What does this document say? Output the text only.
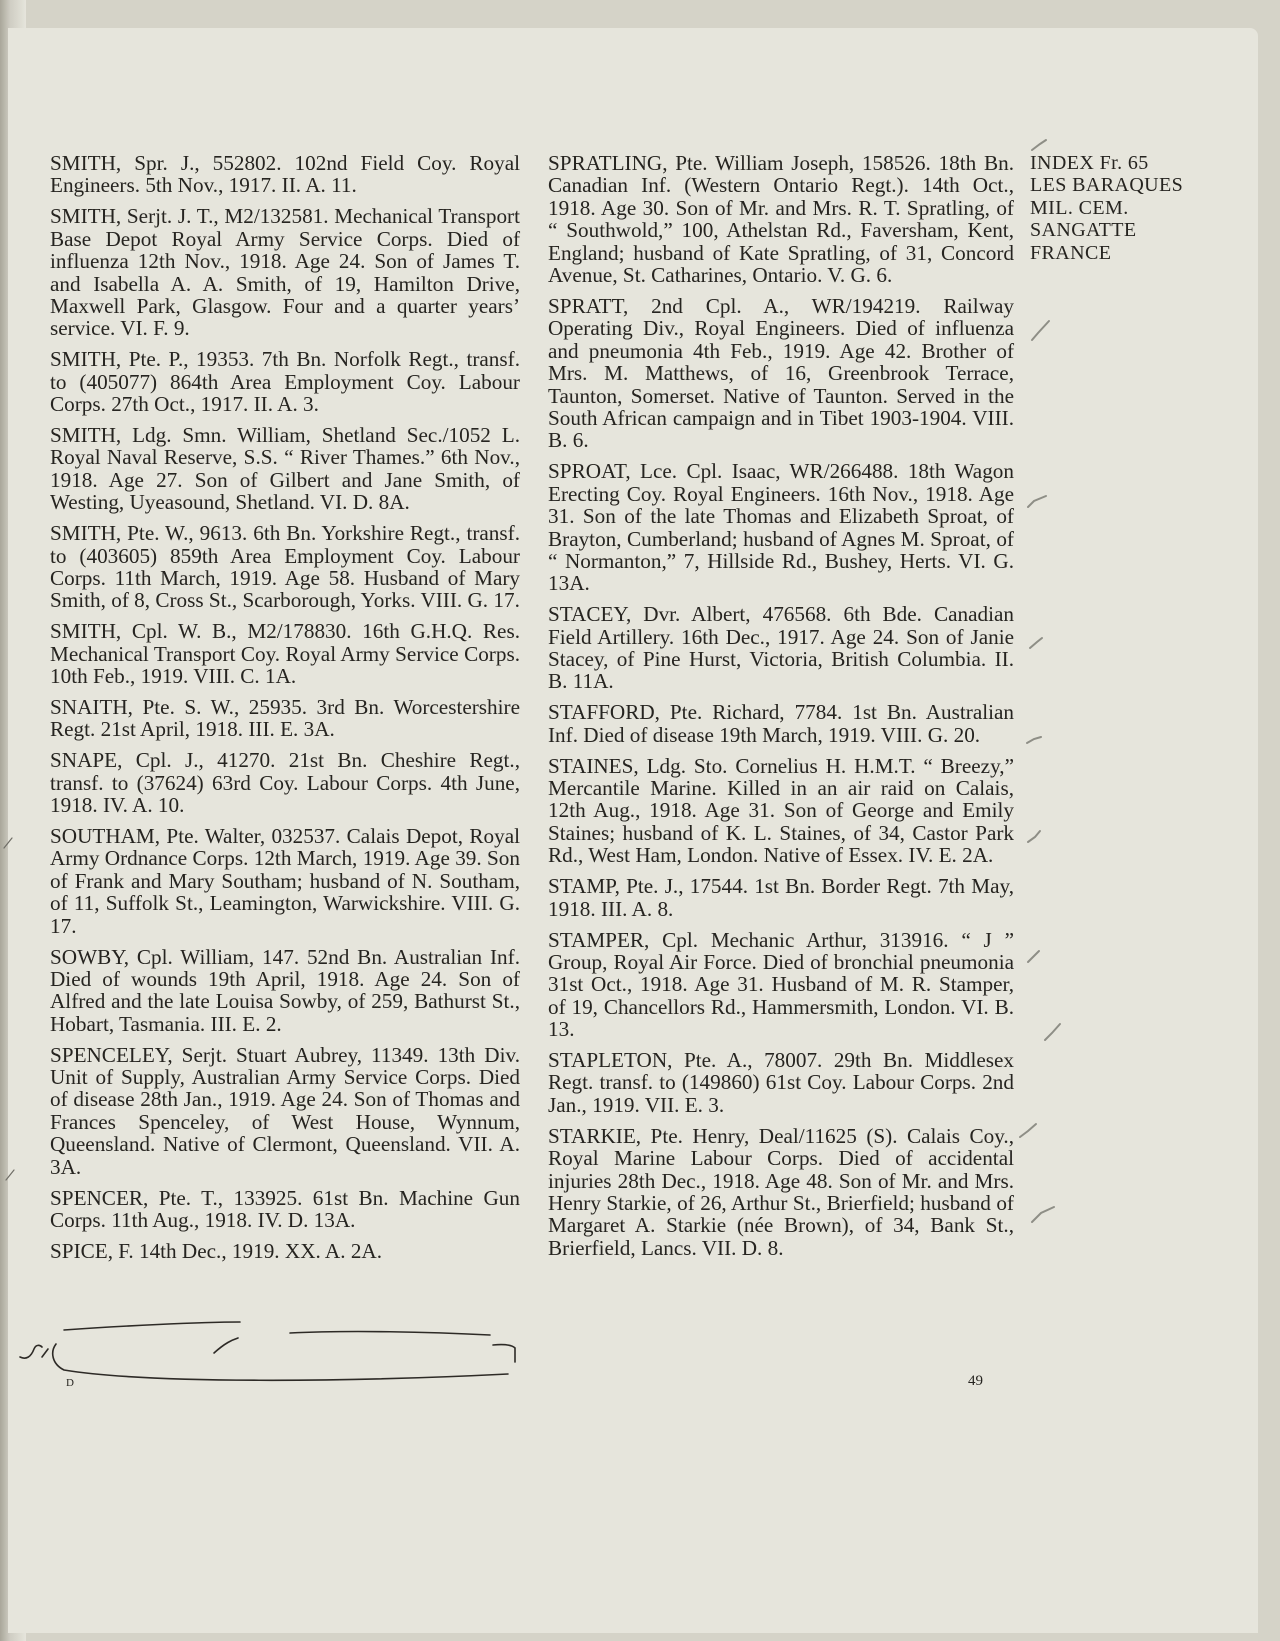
SMITH, Spr. J., 552802. 102nd Field Coy. Royal Engineers. 5th Nov., 1917. II. A. 11.

SMITH, Serjt. J. T., M2/132581. Mechanical Transport Base Depot Royal Army Service Corps. Died of influenza 12th Nov., 1918. Age 24. Son of James T. and Isabella A. A. Smith, of 19, Hamilton Drive, Maxwell Park, Glasgow. Four and a quarter years’ service. VI. F. 9.

SMITH, Pte. P., 19353. 7th Bn. Norfolk Regt., transf. to (405077) 864th Area Employment Coy. Labour Corps. 27th Oct., 1917. II. A. 3.

SMITH, Ldg. Smn. William, Shetland Sec./1052 L. Royal Naval Reserve, S.S. “ River Thames.” 6th Nov., 1918. Age 27. Son of Gilbert and Jane Smith, of Westing, Uyeasound, Shetland. VI. D. 8A.

SMITH, Pte. W., 9613. 6th Bn. Yorkshire Regt., transf. to (403605) 859th Area Employment Coy. Labour Corps. 11th March, 1919. Age 58. Husband of Mary Smith, of 8, Cross St., Scarborough, Yorks. VIII. G. 17.

SMITH, Cpl. W. B., M2/178830. 16th G.H.Q. Res. Mechanical Transport Coy. Royal Army Service Corps. 10th Feb., 1919. VIII. C. 1A.

SNAITH, Pte. S. W., 25935. 3rd Bn. Worcestershire Regt. 21st April, 1918. III. E. 3A.

SNAPE, Cpl. J., 41270. 21st Bn. Cheshire Regt., transf. to (37624) 63rd Coy. Labour Corps. 4th June, 1918. IV. A. 10.

SOUTHAM, Pte. Walter, 032537. Calais Depot, Royal Army Ordnance Corps. 12th March, 1919. Age 39. Son of Frank and Mary Southam; husband of N. Southam, of 11, Suffolk St., Leamington, Warwickshire. VIII. G. 17.

SOWBY, Cpl. William, 147. 52nd Bn. Australian Inf. Died of wounds 19th April, 1918. Age 24. Son of Alfred and the late Louisa Sowby, of 259, Bathurst St., Hobart, Tasmania. III. E. 2.

SPENCELEY, Serjt. Stuart Aubrey, 11349. 13th Div. Unit of Supply, Australian Army Service Corps. Died of disease 28th Jan., 1919. Age 24. Son of Thomas and Frances Spenceley, of West House, Wynnum, Queensland. Native of Clermont, Queensland. VII. A. 3A.

SPENCER, Pte. T., 133925. 61st Bn. Machine Gun Corps. 11th Aug., 1918. IV. D. 13A.

SPICE, F. 14th Dec., 1919. XX. A. 2A.

SPRATLING, Pte. William Joseph, 158526. 18th Bn. Canadian Inf. (Western Ontario Regt.). 14th Oct., 1918. Age 30. Son of Mr. and Mrs. R. T. Spratling, of “ Southwold,” 100, Athelstan Rd., Faversham, Kent, England; husband of Kate Spratling, of 31, Concord Avenue, St. Catharines, Ontario. V. G. 6.

SPRATT, 2nd Cpl. A., WR/194219. Railway Operating Div., Royal Engineers. Died of influenza and pneumonia 4th Feb., 1919. Age 42. Brother of Mrs. M. Matthews, of 16, Greenbrook Terrace, Taunton, Somerset. Native of Taunton. Served in the South African campaign and in Tibet 1903-1904. VIII. B. 6.

SPROAT, Lce. Cpl. Isaac, WR/266488. 18th Wagon Erecting Coy. Royal Engineers. 16th Nov., 1918. Age 31. Son of the late Thomas and Elizabeth Sproat, of Brayton, Cumberland; husband of Agnes M. Sproat, of “ Normanton,” 7, Hillside Rd., Bushey, Herts. VI. G. 13A.

STACEY, Dvr. Albert, 476568. 6th Bde. Canadian Field Artillery. 16th Dec., 1917. Age 24. Son of Janie Stacey, of Pine Hurst, Victoria, British Columbia. II. B. 11A.

STAFFORD, Pte. Richard, 7784. 1st Bn. Australian Inf. Died of disease 19th March, 1919. VIII. G. 20.

STAINES, Ldg. Sto. Cornelius H. H.M.T. “ Breezy,” Mercantile Marine. Killed in an air raid on Calais, 12th Aug., 1918. Age 31. Son of George and Emily Staines; husband of K. L. Staines, of 34, Castor Park Rd., West Ham, London. Native of Essex. IV. E. 2A.

STAMP, Pte. J., 17544. 1st Bn. Border Regt. 7th May, 1918. III. A. 8.

STAMPER, Cpl. Mechanic Arthur, 313916. “ J ” Group, Royal Air Force. Died of bronchial pneumonia 31st Oct., 1918. Age 31. Husband of M. R. Stamper, of 19, Chancellors Rd., Hammersmith, London. VI. B. 13.

STAPLETON, Pte. A., 78007. 29th Bn. Middlesex Regt. transf. to (149860) 61st Coy. Labour Corps. 2nd Jan., 1919. VII. E. 3.

STARKIE, Pte. Henry, Deal/11625 (S). Calais Coy., Royal Marine Labour Corps. Died of accidental injuries 28th Dec., 1918. Age 48. Son of Mr. and Mrs. Henry Starkie, of 26, Arthur St., Brierfield; husband of Margaret A. Starkie (née Brown), of 34, Bank St., Brierfield, Lancs. VII. D. 8.

INDEX Fr. 65
LES BARAQUES
MIL. CEM.
SANGATTE
FRANCE
D	49
